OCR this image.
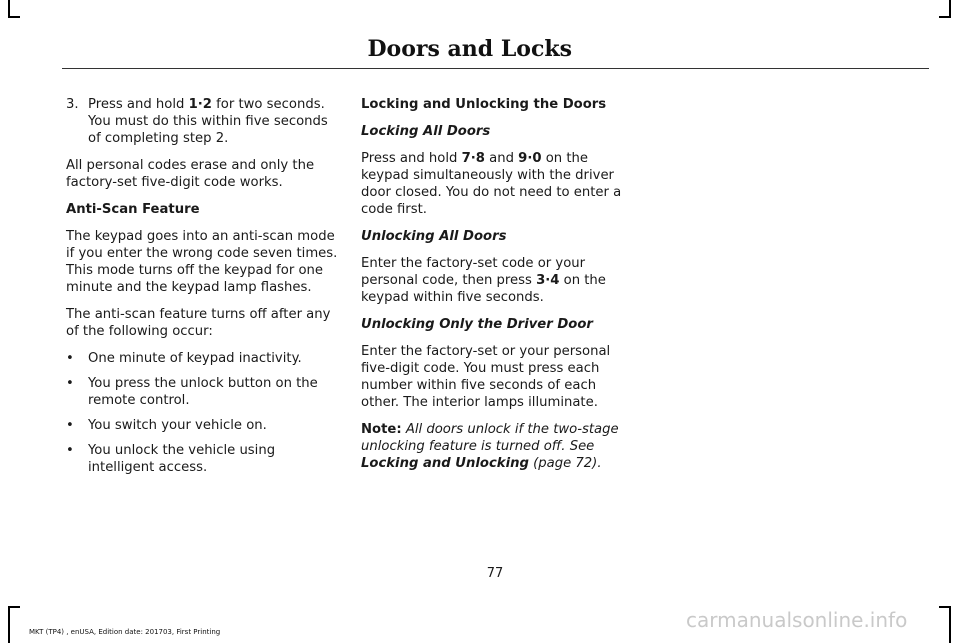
Doors and Locks
3. Press and hold 1·2 for two seconds. You must do this within five seconds of completing step 2.

All personal codes erase and only the factory-set five-digit code works.

Anti-Scan Feature

The keypad goes into an anti-scan mode if you enter the wrong code seven times. This mode turns off the keypad for one minute and the keypad lamp flashes.

The anti-scan feature turns off after any of the following occur:

•	One minute of keypad inactivity.
•	You press the unlock button on the remote control.
•	You switch your vehicle on.
•	You unlock the vehicle using intelligent access.

Locking and Unlocking the Doors

Locking All Doors

Press and hold 7·8 and 9·0 on the keypad simultaneously with the driver door closed. You do not need to enter a code first.

Unlocking All Doors

Enter the factory-set code or your personal code, then press 3·4 on the keypad within five seconds.

Unlocking Only the Driver Door

Enter the factory-set or your personal five-digit code. You must press each number within five seconds of each other. The interior lamps illuminate.

Note: All doors unlock if the two-stage unlocking feature is turned off. See Locking and Unlocking (page 72).

77
MKT (TP4) , enUSA, Edition date: 201703, First Printing	carmanualsonline.info
